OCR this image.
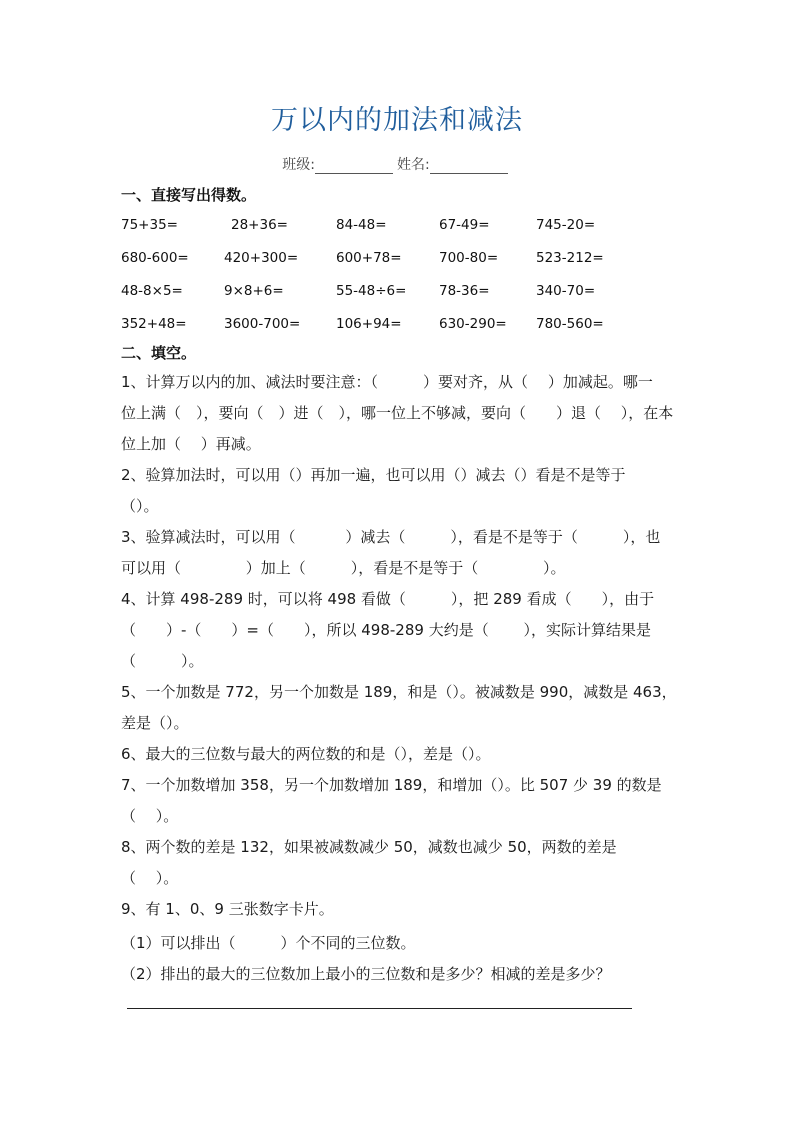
万以内的加法和减法
班级:	姓名:
一、直接写出得数。
75+35=	28+36=	84-48=	67-49=	745-20=
680-600=	420+300=	600+78=	700-80=	523-212=
48-8×5=	9×8+6=	55-48÷6= 78-36=	340-70=
352+48=	3600-700=	106+94=	630-290= 780-560=
二、填空。

1、计算万以内的加、减法时要注意：（　　　）要对齐，从（　 ）加减起。哪一

位上满（　），要向（　）进（　），哪一位上不够减，要向（　　）退（　 ），在本

位上加（　 ）再减。

2、验算加法时，可以用（）再加一遍，也可以用（）减去（）看是不是等于

（）。

3、验算减法时，可以用（　　　 ）减去（　　　），看是不是等于（　　　），也

可以用（　　　　 ）加上（　　　），看是不是等于（　　　　 ）。

4、计算 498-289 时，可以将 498 看做（　　　），把 289 看成（　　），由于

（　　）-（　　）=（　　），所以 498-289 大约是（　　 ），实际计算结果是

（　　　）。

5、一个加数是 772，另一个加数是 189，和是（）。被减数是 990，减数是 463，

差是（）。

6、最大的三位数与最大的两位数的和是（），差是（）。

7、一个加数增加 358，另一个加数增加 189，和增加（）。比 507 少 39 的数是

（　 ）。

8、两个数的差是 132，如果被减数减少 50，减数也减少 50，两数的差是

（　 ）。

9、有 1、0、9 三张数字卡片。

（1）可以排出（　　　）个不同的三位数。
（2）排出的最大的三位数加上最小的三位数和是多少？相减的差是多少？
